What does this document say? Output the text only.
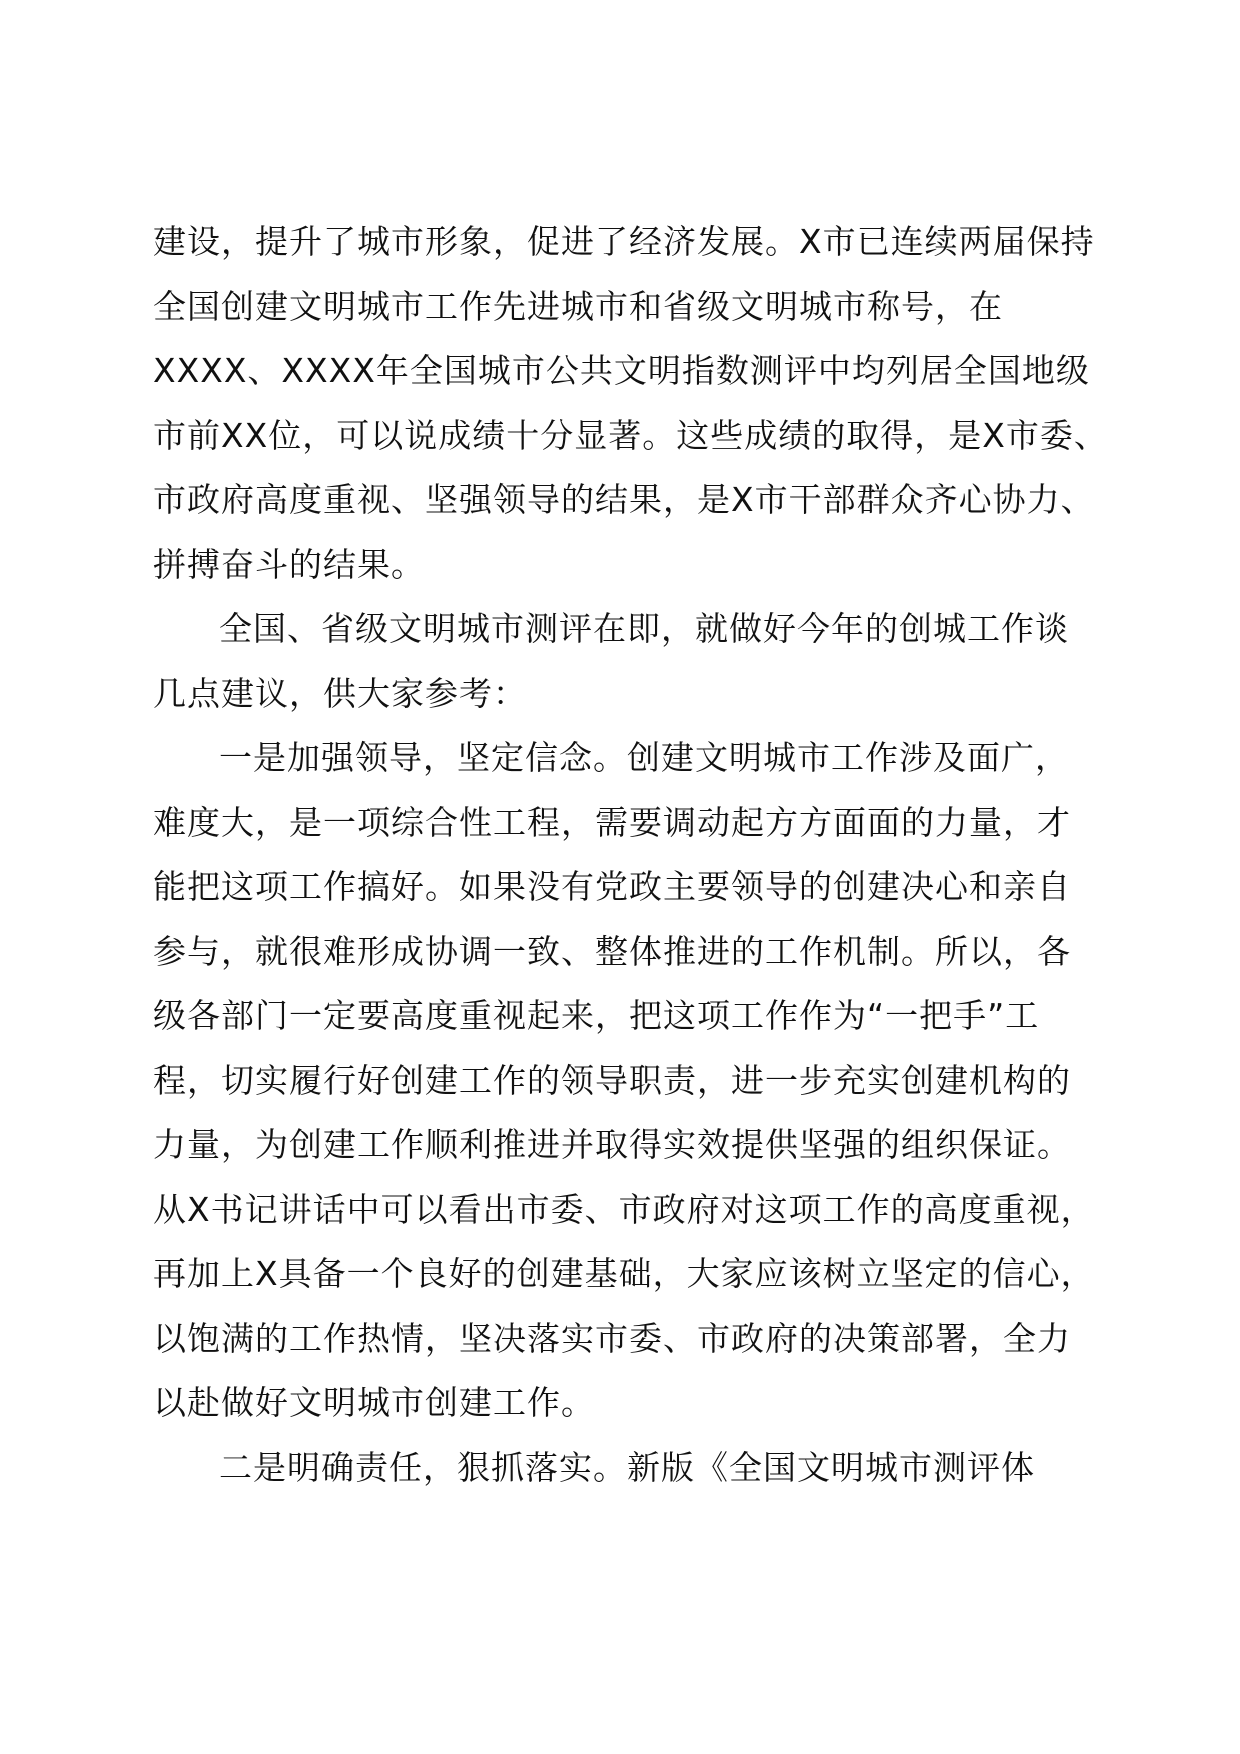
建设，提升了城市形象，促进了经济发展。X市已连续两届保持
全国创建文明城市工作先进城市和省级文明城市称号，在
XXXX、XXXX年全国城市公共文明指数测评中均列居全国地级
市前XX位，可以说成绩十分显著。这些成绩的取得，是X市委、
市政府高度重视、坚强领导的结果，是X市干部群众齐心协力、
拼搏奋斗的结果。
全国、省级文明城市测评在即，就做好今年的创城工作谈
几点建议，供大家参考：
一是加强领导，坚定信念。创建文明城市工作涉及面广，
难度大，是一项综合性工程，需要调动起方方面面的力量，才
能把这项工作搞好。如果没有党政主要领导的创建决心和亲自
参与，就很难形成协调一致、整体推进的工作机制。所以，各
级各部门一定要高度重视起来，把这项工作作为“一把手”工
程，切实履行好创建工作的领导职责，进一步充实创建机构的
力量，为创建工作顺利推进并取得实效提供坚强的组织保证。
从X书记讲话中可以看出市委、市政府对这项工作的高度重视，
再加上X具备一个良好的创建基础，大家应该树立坚定的信心，
以饱满的工作热情，坚决落实市委、市政府的决策部署，全力
以赴做好文明城市创建工作。
二是明确责任，狠抓落实。新版《全国文明城市测评体
